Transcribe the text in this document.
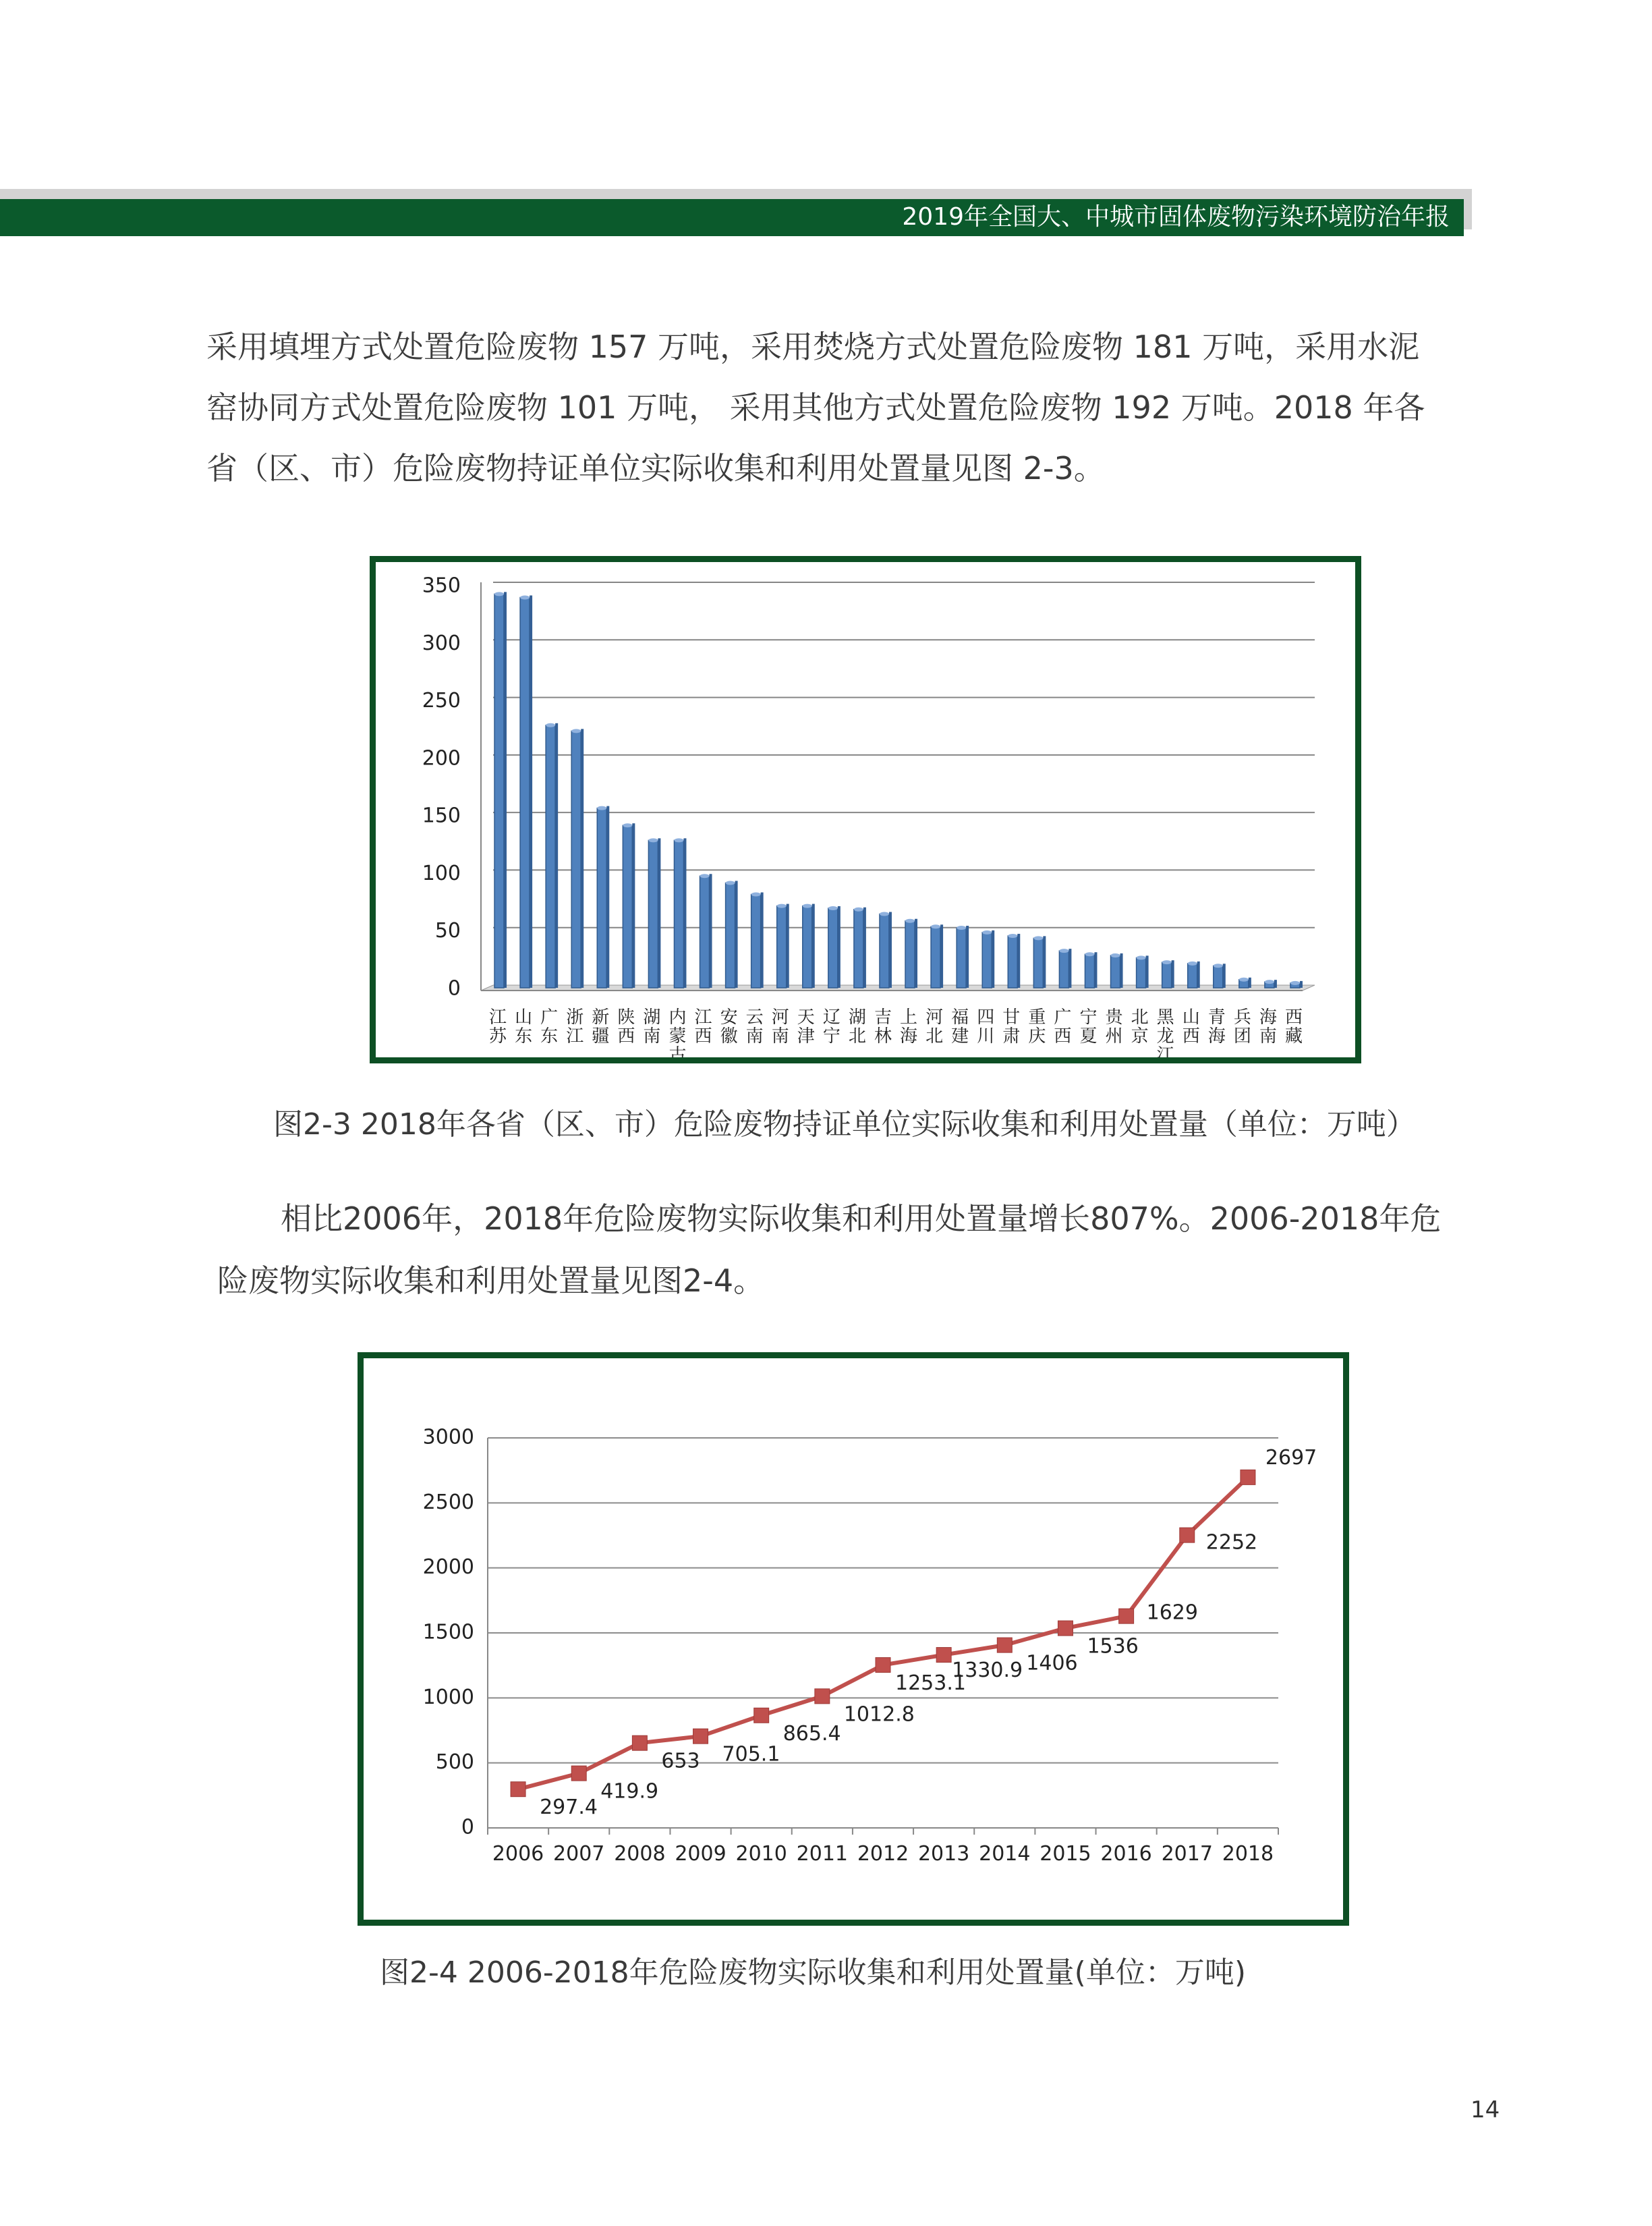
2019年全国大、中城市固体废物污染环境防治年报
采用填埋方式处置危险废物 157 万吨，采用焚烧方式处置危险废物 181 万吨，采用水泥
窑协同方式处置危险废物 101 万吨， 采用其他方式处置危险废物 192 万吨。2018 年各
省（区、市）危险废物持证单位实际收集和利用处置量见图 2-3。
0
50
100
150
200
250
300
350
江苏
山东
广东
浙江
新疆
陕西
湖南
内蒙古
江西
安徽
云南
河南
天津
辽宁
湖北
吉林
上海
河北
福建
四川
甘肃
重庆
广西
宁夏
贵州
北京
黑龙江
山西
青海
兵团
海南
西藏
图2-3 2018年各省（区、市）危险废物持证单位实际收集和利用处置量（单位：万吨）
相比2006年，2018年危险废物实际收集和利用处置量增长807%。2006-2018年危
险废物实际收集和利用处置量见图2-4。
0
500
1000
1500
2000
2500
3000
2006 2007 2008 2009 2010 2011 2012 2013 2014 2015 2016 2017 2018
297.4
419.9
653 705.1
865.4
1012.8
1253.1
1330.9 1406
1536
1629
2252
2697
图2-4 2006-2018年危险废物实际收集和利用处置量(单位：万吨)
14
